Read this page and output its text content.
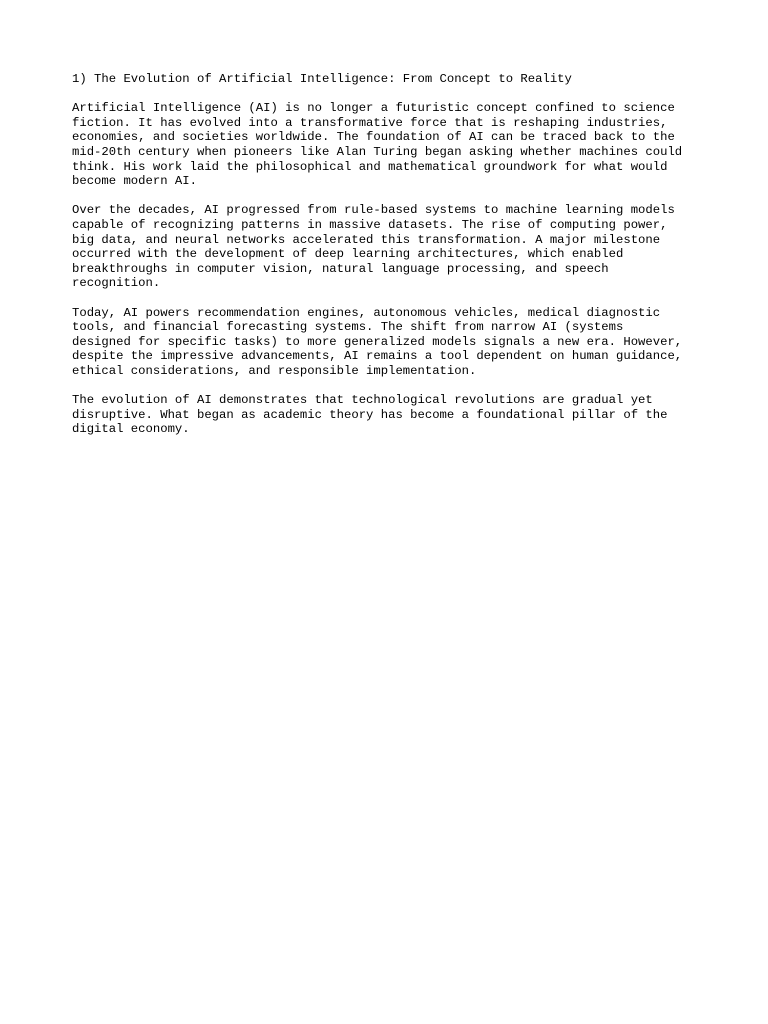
1) The Evolution of Artificial Intelligence: From Concept to Reality
Artificial Intelligence (AI) is no longer a futuristic concept confined to science
fiction. It has evolved into a transformative force that is reshaping industries,
economies, and societies worldwide. The foundation of AI can be traced back to the
mid-20th century when pioneers like Alan Turing began asking whether machines could
think. His work laid the philosophical and mathematical groundwork for what would
become modern AI.
Over the decades, AI progressed from rule-based systems to machine learning models
capable of recognizing patterns in massive datasets. The rise of computing power,
big data, and neural networks accelerated this transformation. A major milestone
occurred with the development of deep learning architectures, which enabled
breakthroughs in computer vision, natural language processing, and speech
recognition.
Today, AI powers recommendation engines, autonomous vehicles, medical diagnostic
tools, and financial forecasting systems. The shift from narrow AI (systems
designed for specific tasks) to more generalized models signals a new era. However,
despite the impressive advancements, AI remains a tool dependent on human guidance,
ethical considerations, and responsible implementation.
The evolution of AI demonstrates that technological revolutions are gradual yet
disruptive. What began as academic theory has become a foundational pillar of the
digital economy.
